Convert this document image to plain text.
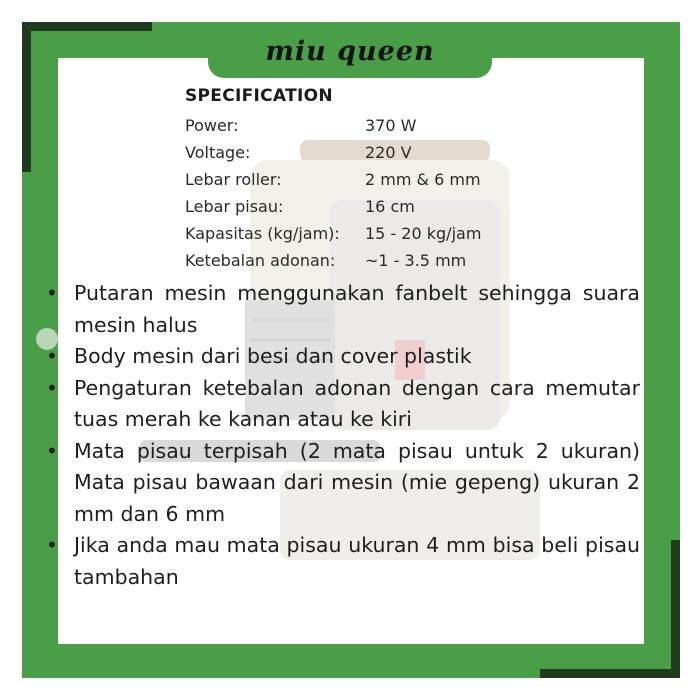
miu queen
SPECIFICATION
Power:	370 W
Voltage:	220 V
Lebar roller:	2 mm & 6 mm
Lebar pisau:	16 cm
Kapasitas (kg/jam):	15 - 20 kg/jam
Ketebalan adonan:	~1 - 3.5 mm
• Putaran mesin menggunakan fanbelt sehingga suara mesin halus
• Body mesin dari besi dan cover plastik
• Pengaturan ketebalan adonan dengan cara memutar tuas merah ke kanan atau ke kiri
• Mata pisau terpisah (2 mata pisau untuk 2 ukuran) Mata pisau bawaan dari mesin (mie gepeng) ukuran 2 mm dan 6 mm
• Jika anda mau mata pisau ukuran 4 mm bisa beli pisau tambahan
